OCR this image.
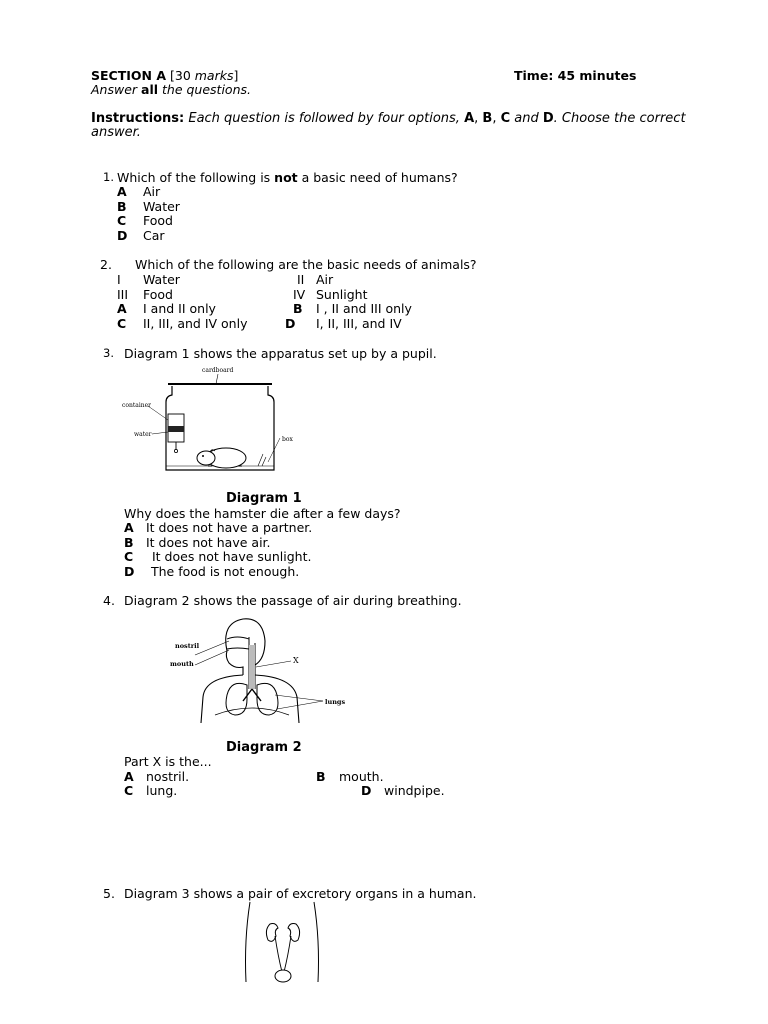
SECTION A [30 marks]	Time: 45 minutes
Answer all the questions.
Instructions: Each question is followed by four options, A, B, C and D. Choose the correct
answer.
1. Which of the following is not a basic need of humans?
A Air
B Water
C Food
D Car
2. Which of the following are the basic needs of animals?
I Water	II Air
III Food	IV Sunlight
A I and II only	B I , II and III only
C II, III, and IV only	D I, II, III, and IV
3. Diagram 1 shows the apparatus set up by a pupil.
cardboard
container
water
box
Diagram 1
Why does the hamster die after a few days?
A It does not have a partner.
B It does not have air.
C It does not have sunlight.
D The food is not enough.
4. Diagram 2 shows the passage of air during breathing.
nostril
mouth	X
lungs
Diagram 2
Part X is the...
A nostril.	B mouth.
C lung.	D windpipe.
5. Diagram 3 shows a pair of excretory organs in a human.
